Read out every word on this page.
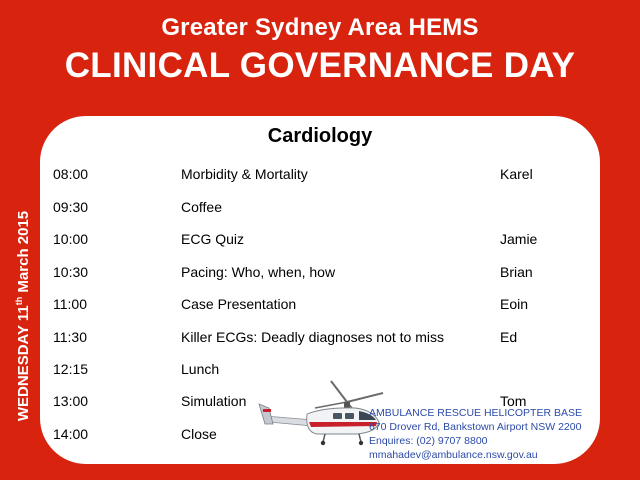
Greater Sydney Area HEMS
CLINICAL GOVERNANCE DAY
WEDNESDAY 11th March 2015
Cardiology
08:00	Morbidity & Mortality	Karel
09:30	Coffee
10:00	ECG Quiz	Jamie
10:30	Pacing: Who, when, how	Brian
11:00	Case Presentation	Eoin
11:30	Killer ECGs: Deadly diagnoses not to miss	Ed
12:15	Lunch
13:00	Simulation	Tom
14:00	Close
AMBULANCE RESCUE HELICOPTER BASE
670 Drover Rd, Bankstown Airport NSW 2200
Enquires: (02) 9707 8800
mmahadev@ambulance.nsw.gov.au
